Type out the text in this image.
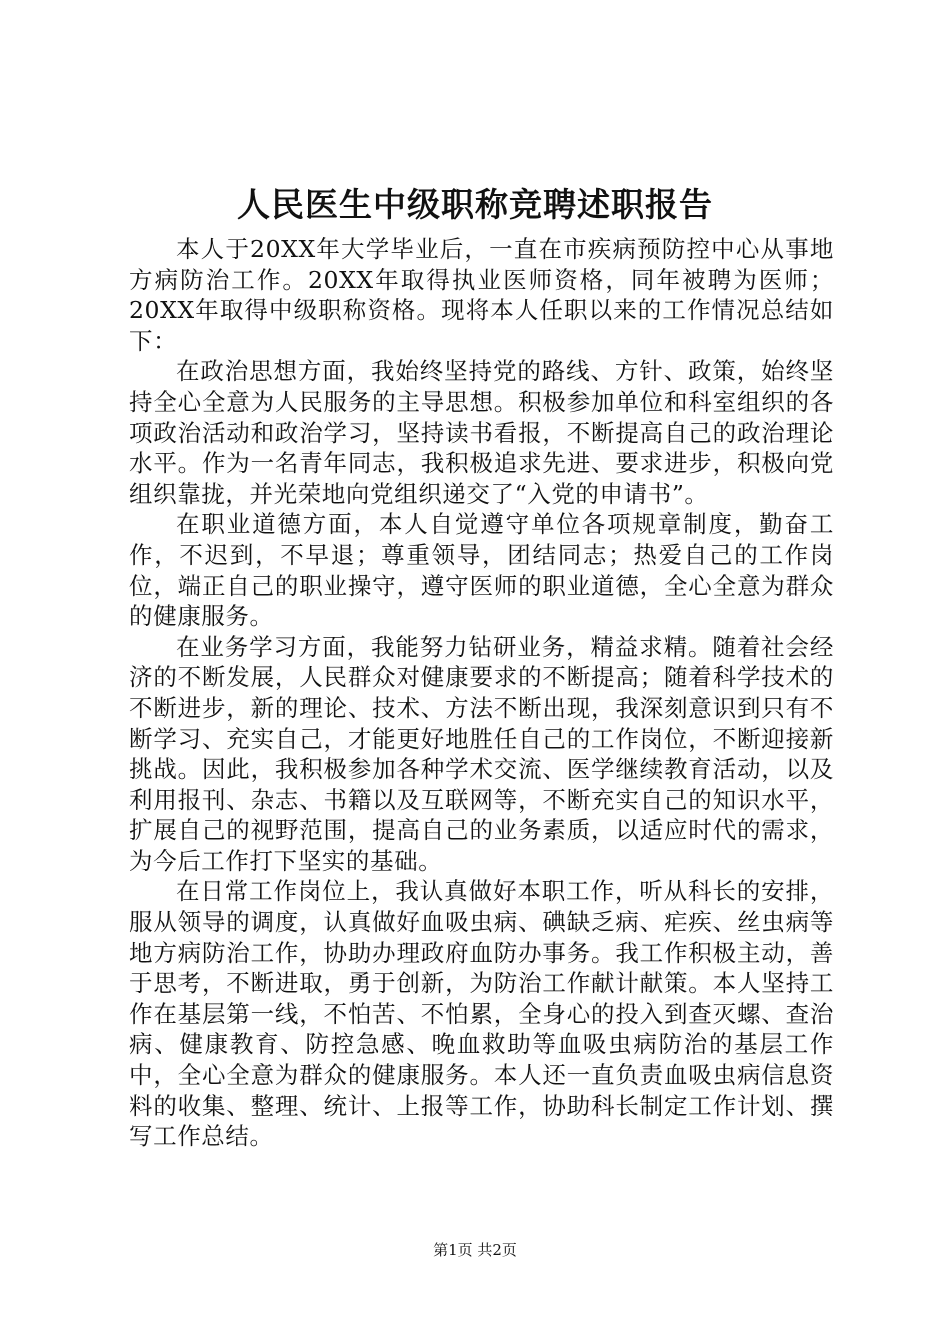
人民医生中级职称竞聘述职报告

本人于20XX年大学毕业后，一直在市疾病预防控中心从事地方病防治工作。20XX年取得执业医师资格，同年被聘为医师；20XX年取得中级职称资格。现将本人任职以来的工作情况总结如下：

在政治思想方面，我始终坚持党的路线、方针、政策，始终坚持全心全意为人民服务的主导思想。积极参加单位和科室组织的各项政治活动和政治学习，坚持读书看报，不断提高自己的政治理论水平。作为一名青年同志，我积极追求先进、要求进步，积极向党组织靠拢，并光荣地向党组织递交了“入党的申请书”。

在职业道德方面，本人自觉遵守单位各项规章制度，勤奋工作，不迟到，不早退；尊重领导，团结同志；热爱自己的工作岗位，端正自己的职业操守，遵守医师的职业道德，全心全意为群众的健康服务。

在业务学习方面，我能努力钻研业务，精益求精。随着社会经济的不断发展，人民群众对健康要求的不断提高；随着科学技术的不断进步，新的理论、技术、方法不断出现，我深刻意识到只有不断学习、充实自己，才能更好地胜任自己的工作岗位，不断迎接新挑战。因此，我积极参加各种学术交流、医学继续教育活动，以及利用报刊、杂志、书籍以及互联网等，不断充实自己的知识水平，扩展自己的视野范围，提高自己的业务素质，以适应时代的需求，为今后工作打下坚实的基础。

在日常工作岗位上，我认真做好本职工作，听从科长的安排，服从领导的调度，认真做好血吸虫病、碘缺乏病、疟疾、丝虫病等地方病防治工作，协助办理政府血防办事务。我工作积极主动，善于思考，不断进取，勇于创新，为防治工作献计献策。本人坚持工作在基层第一线，不怕苦、不怕累，全身心的投入到查灭螺、查治病、健康教育、防控急感、晚血救助等血吸虫病防治的基层工作中，全心全意为群众的健康服务。本人还一直负责血吸虫病信息资料的收集、整理、统计、上报等工作，协助科长制定工作计划、撰写工作总结。

第1页 共2页
